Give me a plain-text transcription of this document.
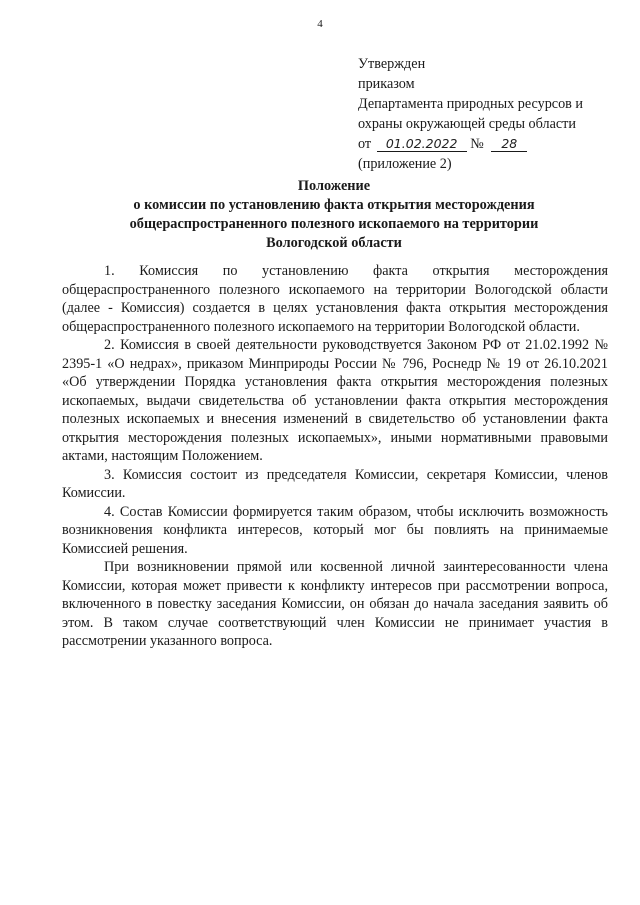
4
Утвержден
приказом
Департамента природных ресурсов и
охраны окружающей среды области
от 01.02.2022 № 28
(приложение 2)
Положение
о комиссии по установлению факта открытия месторождения
общераспространенного полезного ископаемого на территории
Вологодской области

1. Комиссия по установлению факта открытия месторождения общераспространенного полезного ископаемого на территории Вологодской области (далее - Комиссия) создается в целях установления факта открытия месторождения общераспространенного полезного ископаемого на территории Вологодской области.

2. Комиссия в своей деятельности руководствуется Законом РФ от 21.02.1992 № 2395-1 «О недрах», приказом Минприроды России № 796, Роснедр № 19 от 26.10.2021 «Об утверждении Порядка установления факта открытия месторождения полезных ископаемых, выдачи свидетельства об установлении факта открытия месторождения полезных ископаемых и внесения изменений в свидетельство об установлении факта открытия месторождения полезных ископаемых», иными нормативными правовыми актами, настоящим Положением.

3. Комиссия состоит из председателя Комиссии, секретаря Комиссии, членов Комиссии.

4. Состав Комиссии формируется таким образом, чтобы исключить возможность возникновения конфликта интересов, который мог бы повлиять на принимаемые Комиссией решения.

При возникновении прямой или косвенной личной заинтересованности члена Комиссии, которая может привести к конфликту интересов при рассмотрении вопроса, включенного в повестку заседания Комиссии, он обязан до начала заседания заявить об этом. В таком случае соответствующий член Комиссии не принимает участия в рассмотрении указанного вопроса.
